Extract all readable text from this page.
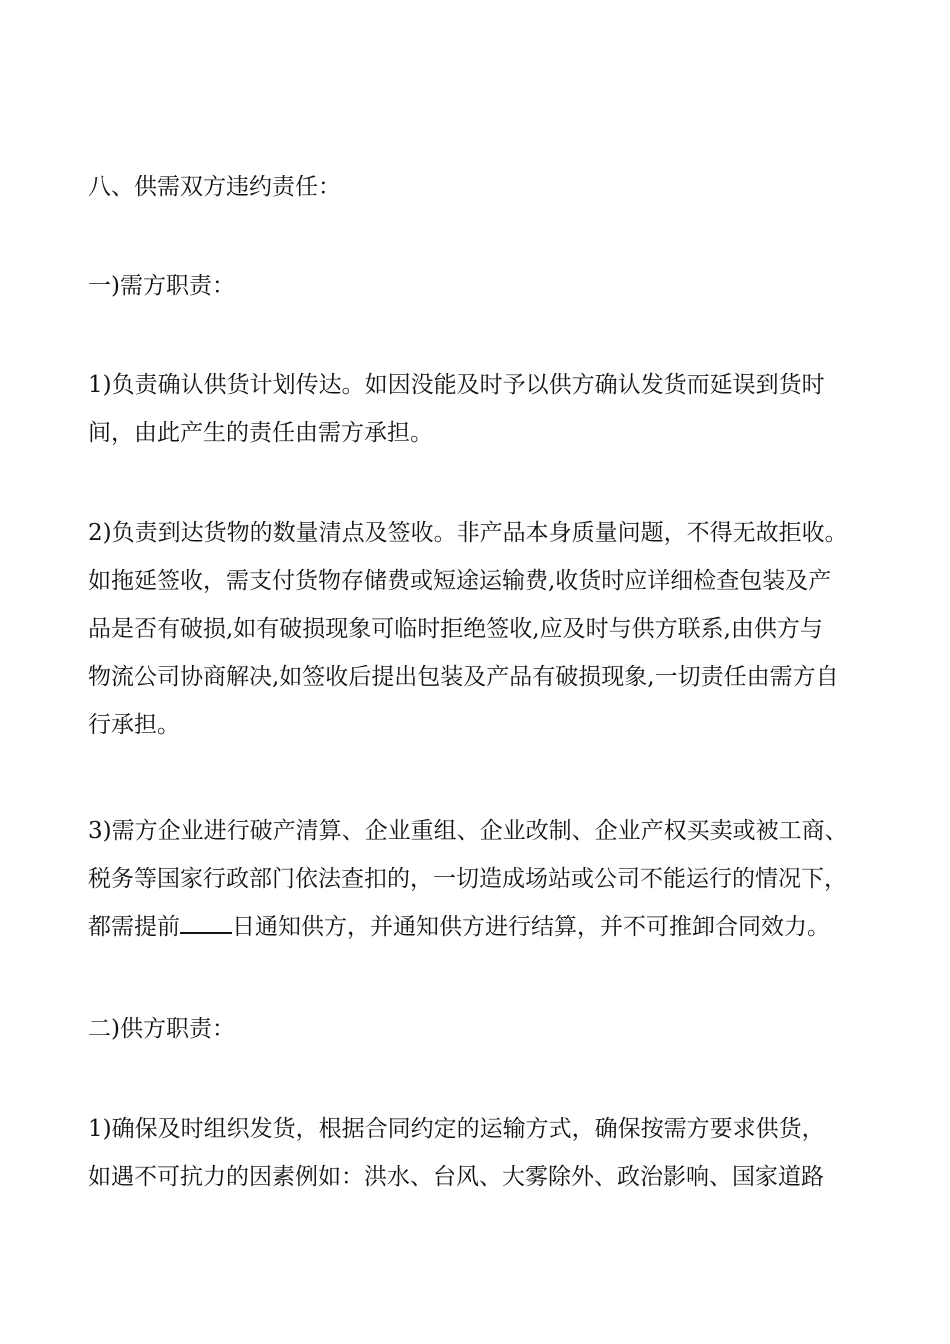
八、供需双方违约责任：

一)需方职责：

1)负责确认供货计划传达。如因没能及时予以供方确认发货而延误到货时
间，由此产生的责任由需方承担。

2)负责到达货物的数量清点及签收。非产品本身质量问题，不得无故拒收。
如拖延签收，需支付货物存储费或短途运输费,收货时应详细检查包装及产
品是否有破损,如有破损现象可临时拒绝签收,应及时与供方联系,由供方与
物流公司协商解决,如签收后提出包装及产品有破损现象,一切责任由需方自
行承担。

3)需方企业进行破产清算、企业重组、企业改制、企业产权买卖或被工商、
税务等国家行政部门依法查扣的，一切造成场站或公司不能运行的情况下，
都需提前 日通知供方，并通知供方进行结算，并不可推卸合同效力。

二)供方职责：

1)确保及时组织发货，根据合同约定的运输方式，确保按需方要求供货，
如遇不可抗力的因素例如：洪水、台风、大雾除外、政治影响、国家道路
